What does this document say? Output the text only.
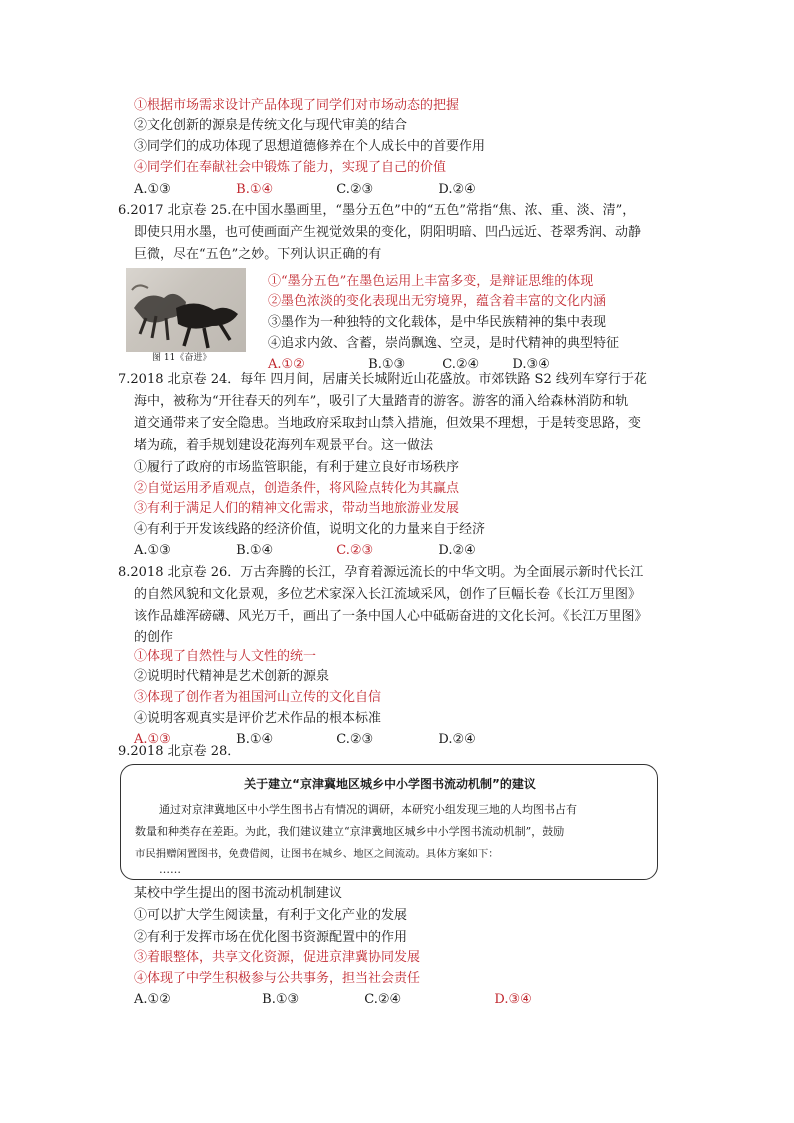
①根据市场需求设计产品体现了同学们对市场动态的把握
②文化创新的源泉是传统文化与现代审美的结合
③同学们的成功体现了思想道德修养在个人成长中的首要作用
④同学们在奉献社会中锻炼了能力，实现了自己的价值
A.①③	B.①④	C.②③	D.②④
6.2017 北京卷 25.在中国水墨画里，“墨分五色”中的“五色”常指“焦、浓、重、淡、清”，
即使只用水墨，也可使画面产生视觉效果的变化，阴阳明暗、凹凸远近、苍翠秀润、动静
巨微，尽在“五色”之妙。下列认识正确的有
图 11《奋进》
①“墨分五色”在墨色运用上丰富多变，是辩证思维的体现
②墨色浓淡的变化表现出无穷境界，蕴含着丰富的文化内涵
③墨作为一种独特的文化载体，是中华民族精神的集中表现
④追求内敛、含蓄，崇尚飘逸、空灵，是时代精神的典型特征
A.①②	B.①③	C.②④	D.③④
7.2018 北京卷 24．每年 四月间，居庸关长城附近山花盛放。市郊铁路 S2 线列车穿行于花
海中，被称为“开往春天的列车”，吸引了大量踏青的游客。游客的涌入给森林消防和轨
道交通带来了安全隐患。当地政府采取封山禁入措施，但效果不理想，于是转变思路，变
堵为疏，着手规划建设花海列车观景平台。这一做法
①履行了政府的市场监管职能，有利于建立良好市场秩序
②自觉运用矛盾观点，创造条件，将风险点转化为其赢点
③有利于满足人们的精神文化需求，带动当地旅游业发展
④有利于开发该线路的经济价值，说明文化的力量来自于经济
A.①③	B.①④	C.②③	D.②④
8.2018 北京卷 26．万古奔腾的长江，孕育着源远流长的中华文明。为全面展示新时代长江
的自然风貌和文化景观，多位艺术家深入长江流域采风，创作了巨幅长卷《长江万里图》
该作品雄浑磅礴、风光万千，画出了一条中国人心中砥砺奋进的文化长河。《长江万里图》
的创作
①体现了自然性与人文性的统一
②说明时代精神是艺术创新的源泉
③体现了创作者为祖国河山立传的文化自信
④说明客观真实是评价艺术作品的根本标准
A.①③	B.①④	C.②③	D.②④
9.2018 北京卷 28．
关于建立“京津冀地区城乡中小学图书流动机制”的建议
通过对京津冀地区中小学生图书占有情况的调研，本研究小组发现三地的人均图书占有
数量和种类存在差距。为此，我们建议建立“京津冀地区城乡中小学图书流动机制”，鼓励
市民捐赠闲置图书，免费借阅，让图书在城乡、地区之间流动。具体方案如下：
……
某校中学生提出的图书流动机制建议
①可以扩大学生阅读量，有利于文化产业的发展
②有利于发挥市场在优化图书资源配置中的作用
③着眼整体，共享文化资源，促进京津冀协同发展
④体现了中学生积极参与公共事务，担当社会责任
A.①②	B.①③	C.②④	D.③④
